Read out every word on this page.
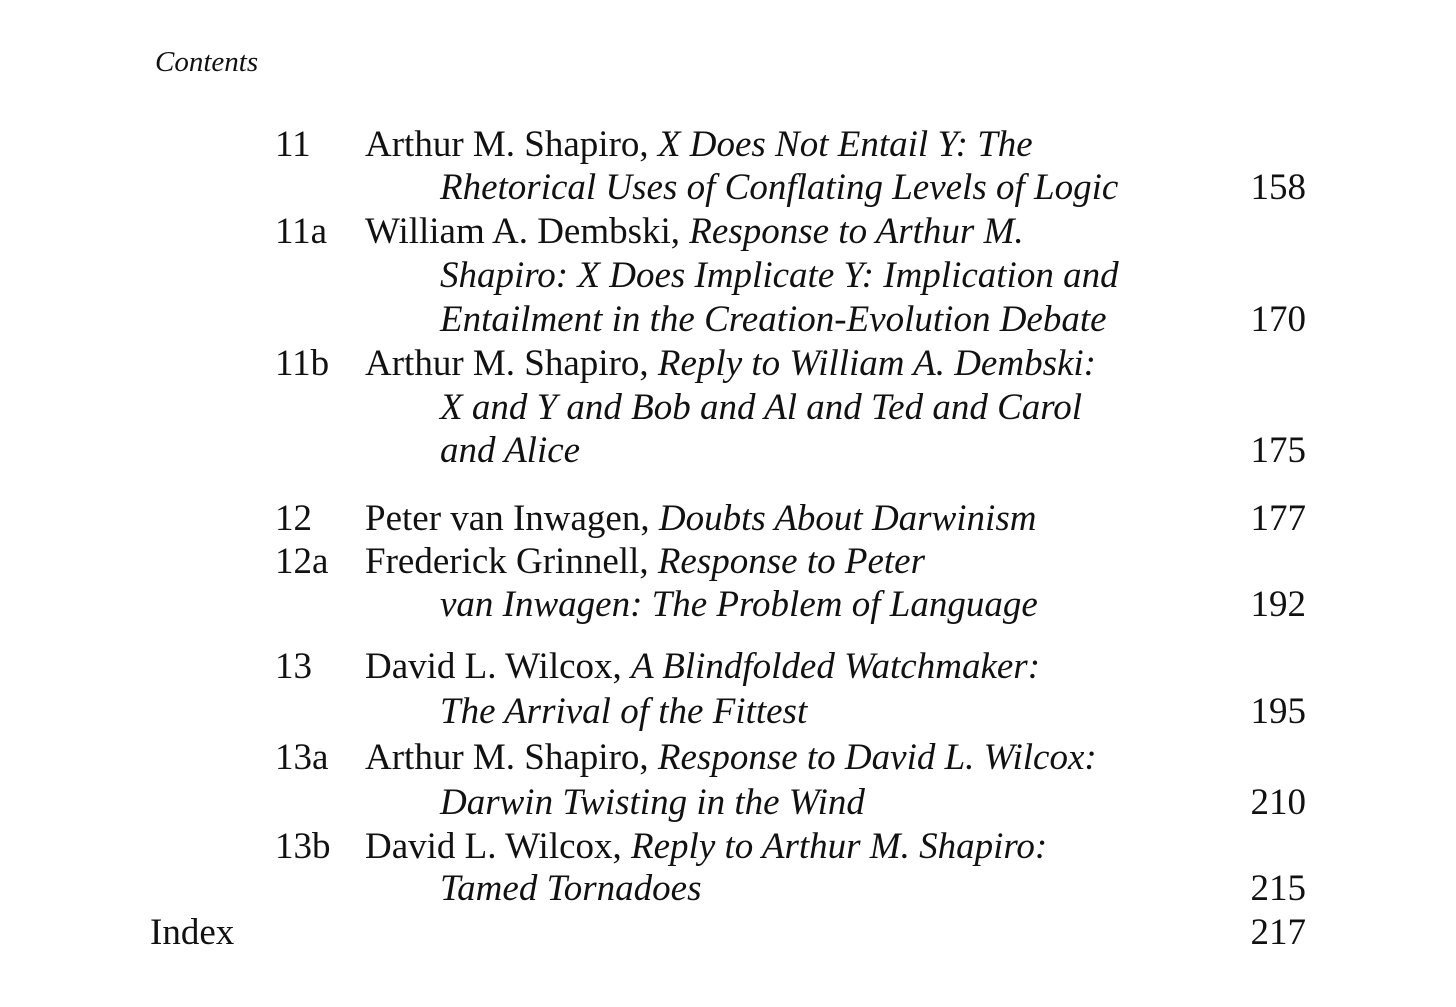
Contents
11 Arthur M. Shapiro, X Does Not Entail Y: The
Rhetorical Uses of Conflating Levels of Logic	158
11a William A. Dembski, Response to Arthur M.
Shapiro: X Does Implicate Y: Implication and
Entailment in the Creation-Evolution Debate	170
11b Arthur M. Shapiro, Reply to William A. Dembski:
X and Y and Bob and Al and Ted and Carol
and Alice	175
12 Peter van Inwagen, Doubts About Darwinism	177
12a Frederick Grinnell, Response to Peter
van Inwagen: The Problem of Language	192
13 David L. Wilcox, A Blindfolded Watchmaker:
The Arrival of the Fittest	195
13a Arthur M. Shapiro, Response to David L. Wilcox:
Darwin Twisting in the Wind	210
13b David L. Wilcox, Reply to Arthur M. Shapiro:
Tamed Tornadoes	215
Index	217
